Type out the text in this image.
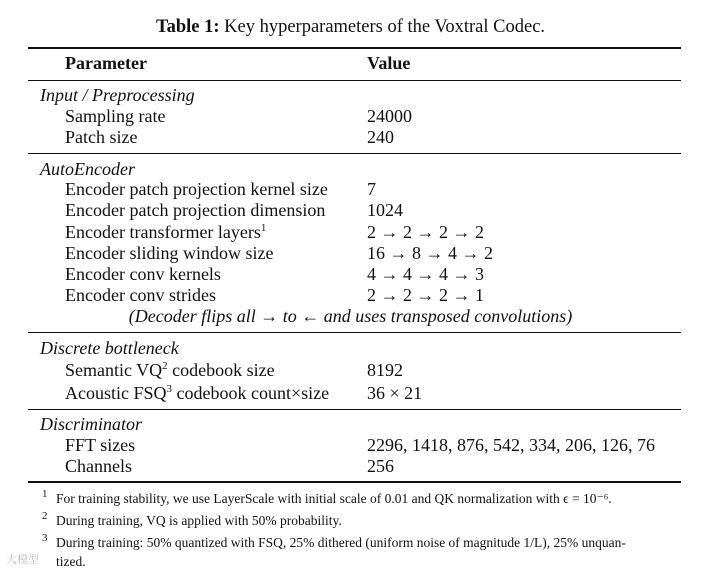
Table 1: Key hyperparameters of the Voxtral Codec.
Parameter	Value
Input / Preprocessing
Sampling rate	24000
Patch size	240
AutoEncoder
Encoder patch projection kernel size 7
Encoder patch projection dimension 1024
Encoder transformer layers$^1$	2 → 2 → 2 → 2
Encoder sliding window size	16 → 8 → 4 → 2
Encoder conv kernels	4 → 4 → 4 → 3
Encoder conv strides	2 → 2 → 2 → 1
(Decoder flips all → to ← and uses transposed convolutions)
Discrete bottleneck
Semantic $VQ^2$ codebook size	8192
Acoustic FSQ$^3$ codebook count×size 36 × 21
Discriminator
FFT sizes	2296, 1418, 876, 542, 334, 206, 126, 76
Channels	256
1 For training stability, we use LayerScale with initial scale of 0.01 and QK normalization with ϵ = 10⁻⁶.
2 During training, VQ is applied with 50% probability.
3 During training: 50% quantized with FSQ, 25% dithered (uniform noise of magnitude 1/L), 25% unquan-
tized.
大模型
